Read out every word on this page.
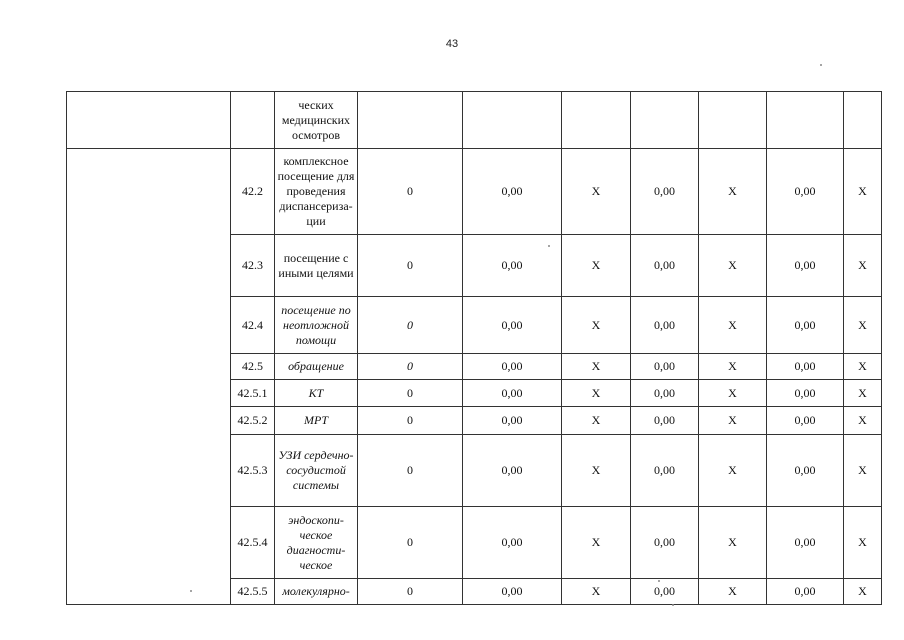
43
		ческих медицинских осмотров							
	42.2	комплексное посещение для проведения диспансериза-ции	0	0,00	X	0,00	X	0,00	X
	42.3	посещение с иными целями	0	0,00	X	0,00	X	0,00	X
	42.4	посещение по неотложной помощи	0	0,00	X	0,00	X	0,00	X
	42.5	обращение	0	0,00	X	0,00	X	0,00	X
	42.5.1	КТ	0	0,00	X	0,00	X	0,00	X
	42.5.2	МРТ	0	0,00	X	0,00	X	0,00	X
	42.5.3	УЗИ сердечно-сосудистой системы	0	0,00	X	0,00	X	0,00	X
	42.5.4	эндоскопи-ческое диагности-ческое	0	0,00	X	0,00	X	0,00	X
	42.5.5	молекулярно-	0	0,00	X	0,00	X	0,00	X
